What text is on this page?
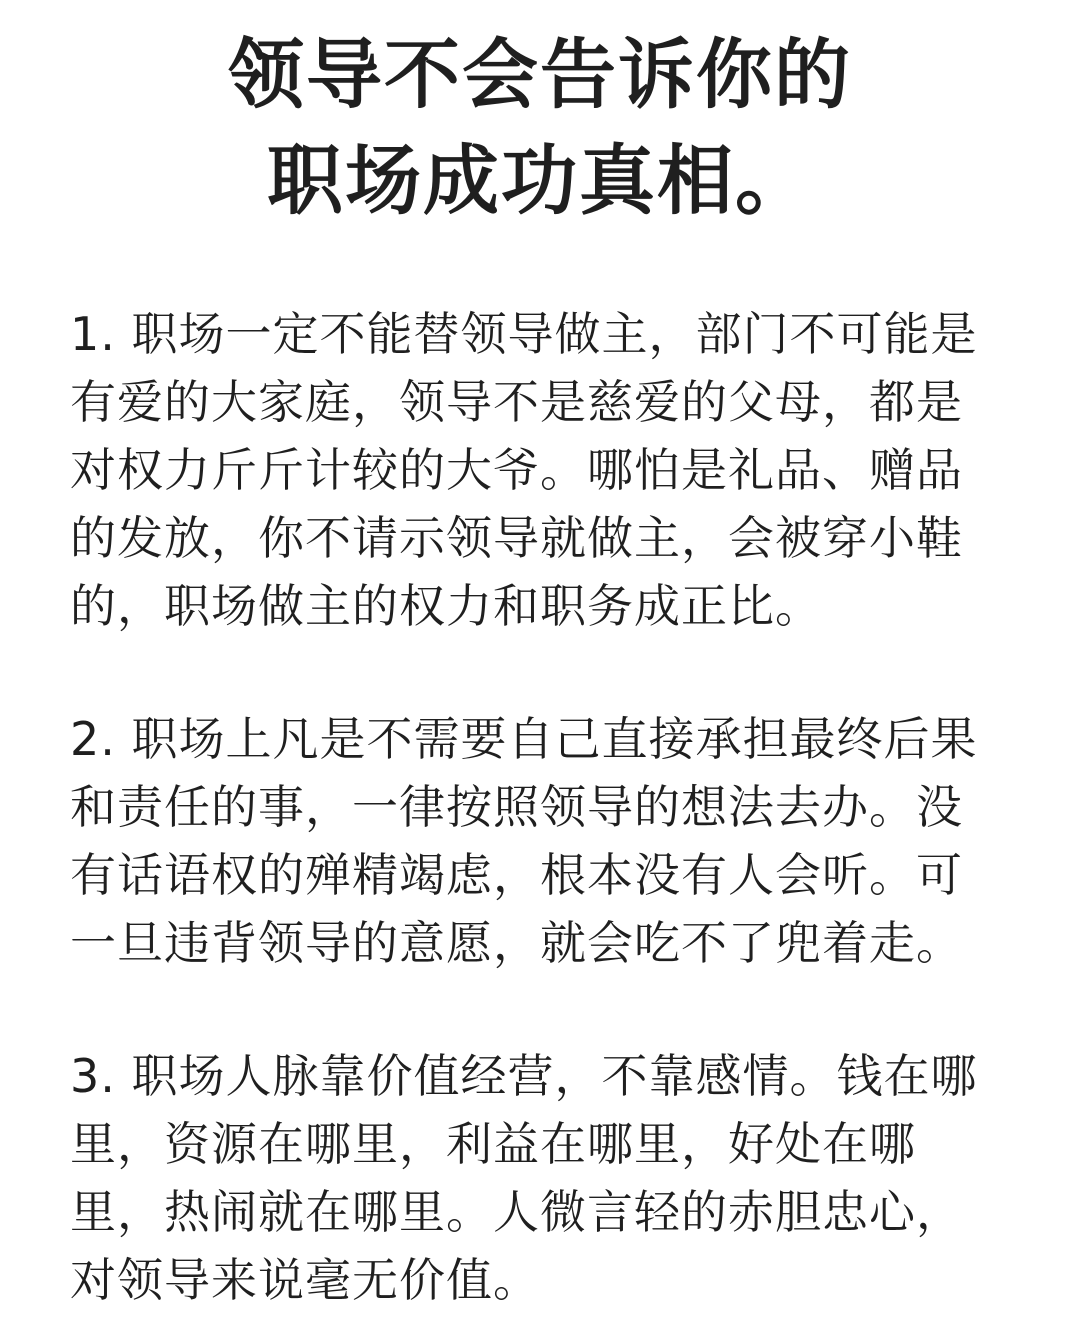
领导不会告诉你的
职场成功真相。
1. 职场一定不能替领导做主，部门不可能是
有爱的大家庭，领导不是慈爱的父母，都是
对权力斤斤计较的大爷。哪怕是礼品、赠品
的发放，你不请示领导就做主，会被穿小鞋
的，职场做主的权力和职务成正比。
2. 职场上凡是不需要自己直接承担最终后果
和责任的事，一律按照领导的想法去办。没
有话语权的殚精竭虑，根本没有人会听。可
一旦违背领导的意愿，就会吃不了兜着走。
3. 职场人脉靠价值经营，不靠感情。钱在哪
里，资源在哪里，利益在哪里，好处在哪
里，热闹就在哪里。人微言轻的赤胆忠心，
对领导来说毫无价值。
